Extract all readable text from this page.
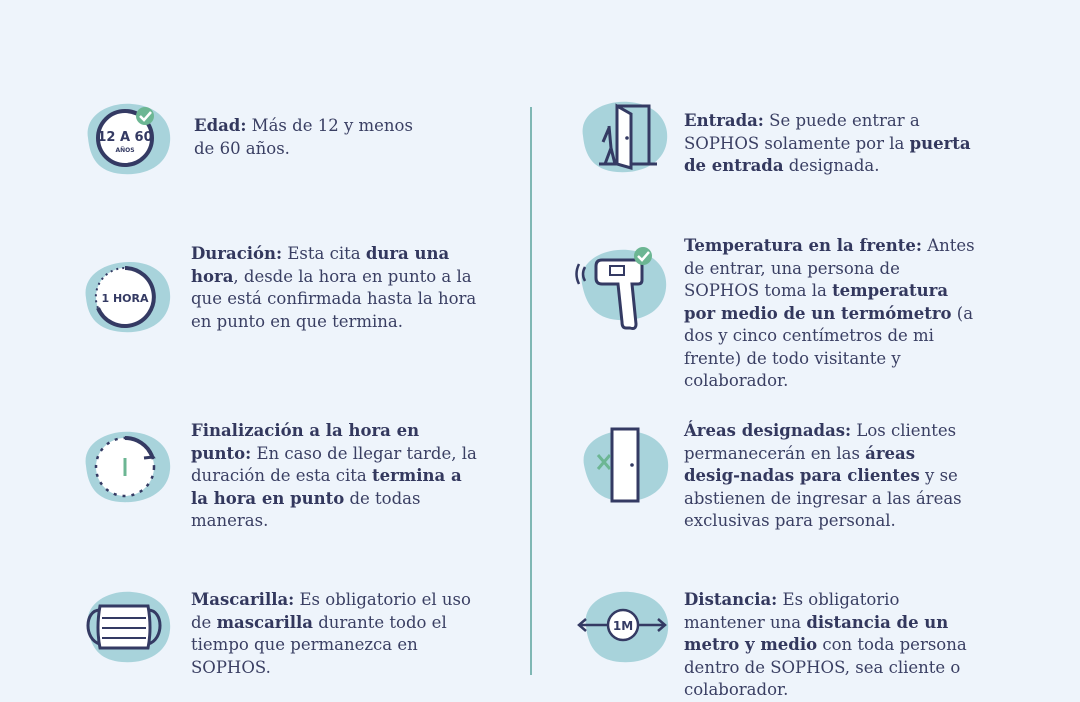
12 A 60
AÑOS

Edad: Más de 12 y menos

de 60 años.

1 HORA

Duración: Esta cita dura una hora, desde la hora en punto a la que está confirmada hasta la hora en punto en que termina.

Finalización a la hora en punto: En caso de llegar tarde, la duración de esta cita termina a la hora en punto de todas maneras.

Mascarilla: Es obligatorio el uso de mascarilla durante todo el tiempo que permanezca en SOPHOS.

Entrada: Se puede entrar a SOPHOS solamente por la puerta de entrada designada.

Temperatura en la frente: Antes de entrar, una persona de SOPHOS toma la temperatura por medio de un termómetro (a dos y cinco centímetros de mi frente) de todo visitante y colaborador.

Áreas designadas: Los clientes permanecerán en las áreas desig-nadas para clientes y se abstienen de ingresar a las áreas exclusivas para personal.

1M

Distancia: Es obligatorio mantener una distancia de un metro y medio con toda persona dentro de SOPHOS, sea cliente o colaborador.
